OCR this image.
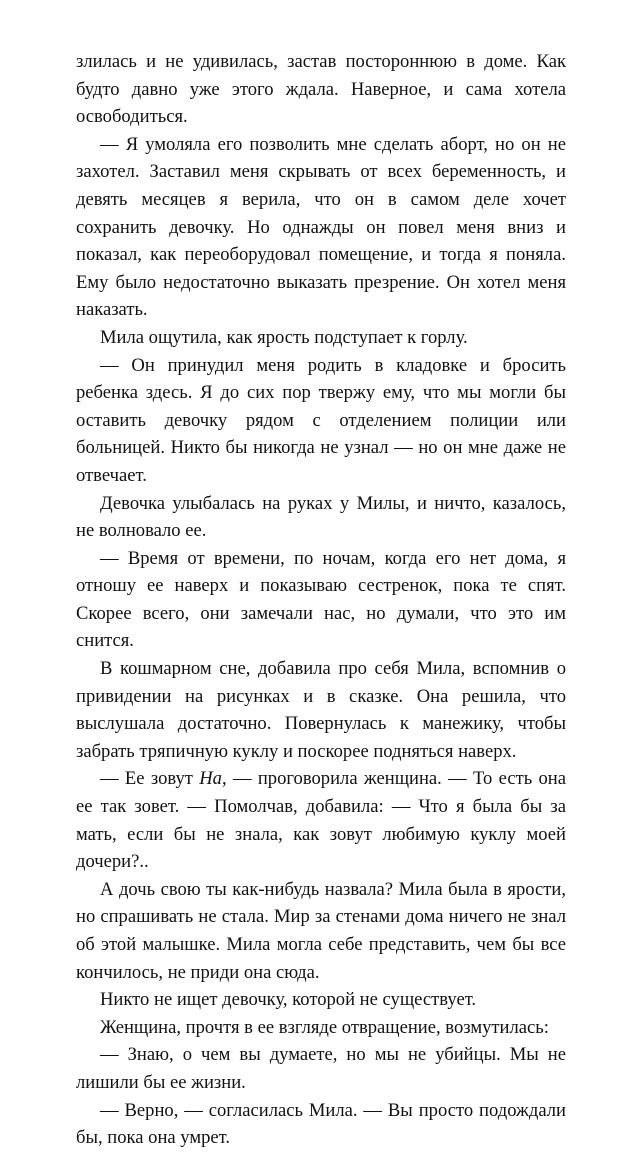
злилась и не удивилась, застав постороннюю в доме. Как будто давно уже этого ждала. Наверное, и сама хотела освободиться.

— Я умоляла его позволить мне сделать аборт, но он не захотел. Заставил меня скрывать от всех беременность, и девять месяцев я верила, что он в самом деле хочет сохранить девочку. Но однажды он повел меня вниз и показал, как переоборудовал помещение, и тогда я поняла. Ему было недостаточно выказать презрение. Он хотел меня наказать.

Мила ощутила, как ярость подступает к горлу.

— Он принудил меня родить в кладовке и бросить ребенка здесь. Я до сих пор твержу ему, что мы могли бы оставить девочку рядом с отделением полиции или больницей. Никто бы никогда не узнал — но он мне даже не отвечает.

Девочка улыбалась на руках у Милы, и ничто, казалось, не волновало ее.

— Время от времени, по ночам, когда его нет дома, я отношу ее наверх и показываю сестренок, пока те спят. Скорее всего, они замечали нас, но думали, что это им снится.

В кошмарном сне, добавила про себя Мила, вспомнив о привидении на рисунках и в сказке. Она решила, что выслушала достаточно. Повернулась к манежику, чтобы забрать тряпичную куклу и поскорее подняться наверх.

— Ее зовут На, — проговорила женщина. — То есть она ее так зовет. — Помолчав, добавила: — Что я была бы за мать, если бы не знала, как зовут любимую куклу моей дочери?..

А дочь свою ты как-нибудь назвала? Мила была в ярости, но спрашивать не стала. Мир за стенами дома ничего не знал об этой малышке. Мила могла себе представить, чем бы все кончилось, не приди она сюда.

Никто не ищет девочку, которой не существует.

Женщина, прочтя в ее взгляде отвращение, возмутилась:

— Знаю, о чем вы думаете, но мы не убийцы. Мы не лишили бы ее жизни.

— Верно, — согласилась Мила. — Вы просто подождали бы, пока она умрет.
